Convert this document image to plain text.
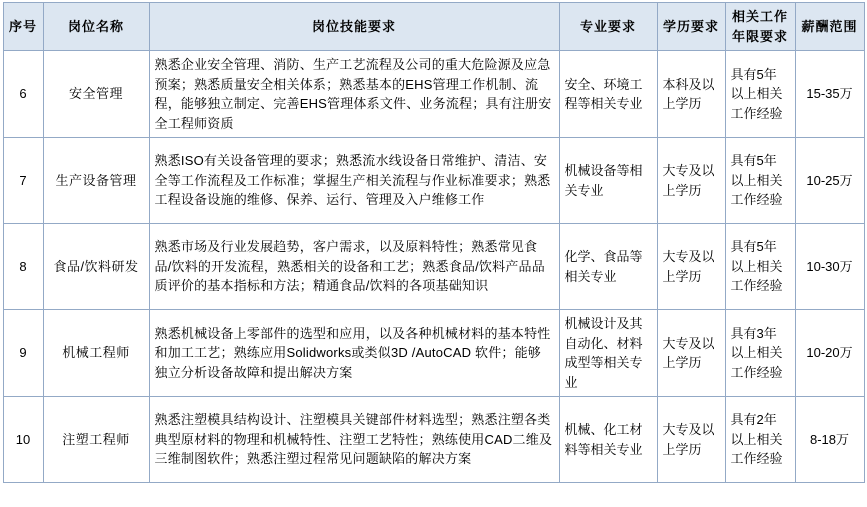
序号	岗位名称	岗位技能要求	专业要求	学历要求	相关工作年限要求	薪酬范围
6	安全管理	熟悉企业安全管理、消防、生产工艺流程及公司的重大危险源及应急预案；熟悉质量安全相关体系；熟悉基本的EHS管理工作机制、流程，能够独立制定、完善EHS管理体系文件、业务流程；具有注册安全工程师资质	安全、环境工程等相关专业	本科及以上学历	具有5年以上相关工作经验	15-35万
7	生产设备管理	熟悉ISO有关设备管理的要求；熟悉流水线设备日常维护、清洁、安全等工作流程及工作标准；掌握生产相关流程与作业标准要求；熟悉工程设备设施的维修、保养、运行、管理及入户维修工作	机械设备等相关专业	大专及以上学历	具有5年以上相关工作经验	10-25万
8	食品/饮料研发	熟悉市场及行业发展趋势，客户需求，以及原料特性；熟悉常见食品/饮料的开发流程，熟悉相关的设备和工艺；熟悉食品/饮料产品品质评价的基本指标和方法；精通食品/饮料的各项基础知识	化学、食品等相关专业	大专及以上学历	具有5年以上相关工作经验	10-30万
9	机械工程师	熟悉机械设备上零部件的选型和应用，以及各种机械材料的基本特性和加工工艺；熟练应用Solidworks或类似3D /AutoCAD 软件；能够独立分析设备故障和提出解决方案	机械设计及其自动化、材料成型等相关专业	大专及以上学历	具有3年以上相关工作经验	10-20万
10	注塑工程师	熟悉注塑模具结构设计、注塑模具关键部件材料选型；熟悉注塑各类典型原材料的物理和机械特性、注塑工艺特性；熟练使用CAD二维及三维制图软件；熟悉注塑过程常见问题缺陷的解决方案	机械、化工材料等相关专业	大专及以上学历	具有2年以上相关工作经验	8-18万
